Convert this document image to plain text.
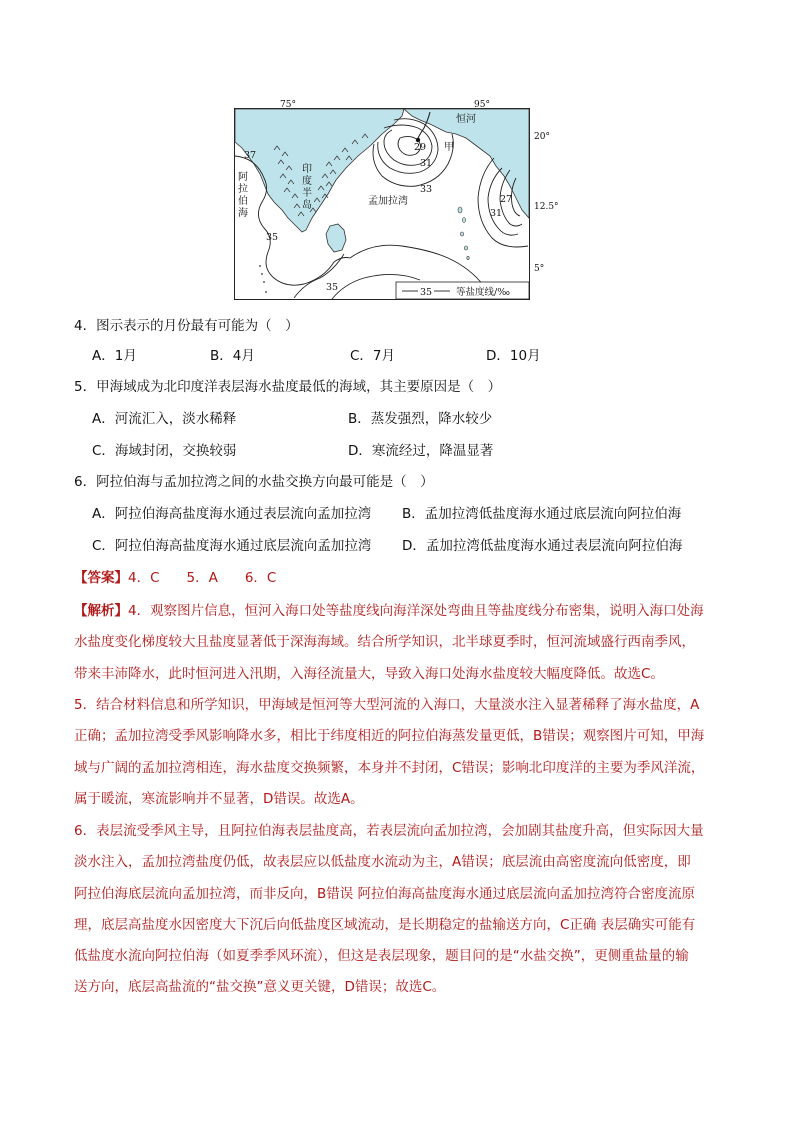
75°	95°
恒河
甲
孟加拉湾
印
度
半
岛
阿
拉
伯
海
37
29
31
33
27
31
35
35	35	等盐度线/‰
20°
12.5°
5°
4．图示表示的月份最有可能为（　）
A．1月	B．4月	C．7月	D．10月
5．甲海域成为北印度洋表层海水盐度最低的海域，其主要原因是（　）
A．河流汇入，淡水稀释	B．蒸发强烈，降水较少
C．海域封闭，交换较弱	D．寒流经过，降温显著
6．阿拉伯海与孟加拉湾之间的水盐交换方向最可能是（　）
A．阿拉伯海高盐度海水通过表层流向孟加拉湾 B．孟加拉湾低盐度海水通过底层流向阿拉伯海
C．阿拉伯海高盐度海水通过底层流向孟加拉湾 D．孟加拉湾低盐度海水通过表层流向阿拉伯海
【答案】4．C　　5．A　　6．C
【解析】4．观察图片信息，恒河入海口处等盐度线向海洋深处弯曲且等盐度线分布密集，说明入海口处海
水盐度变化梯度较大且盐度显著低于深海海域。结合所学知识，北半球夏季时，恒河流域盛行西南季风，
带来丰沛降水，此时恒河进入汛期，入海径流量大，导致入海口处海水盐度较大幅度降低。故选C。
5．结合材料信息和所学知识，甲海域是恒河等大型河流的入海口，大量淡水注入显著稀释了海水盐度，A
正确；孟加拉湾受季风影响降水多，相比于纬度相近的阿拉伯海蒸发量更低，B错误；观察图片可知，甲海
域与广阔的孟加拉湾相连，海水盐度交换频繁，本身并不封闭，C错误；影响北印度洋的主要为季风洋流，
属于暖流，寒流影响并不显著，D错误。故选A。
6．表层流受季风主导，且阿拉伯海表层盐度高，若表层流向孟加拉湾，会加剧其盐度升高，但实际因大量
淡水注入，孟加拉湾盐度仍低，故表层应以低盐度水流动为主，A错误；底层流由高密度流向低密度，即
阿拉伯海底层流向孟加拉湾，而非反向，B错误 阿拉伯海高盐度海水通过底层流向孟加拉湾符合密度流原
理，底层高盐度水因密度大下沉后向低盐度区域流动，是长期稳定的盐输送方向，C正确 表层确实可能有
低盐度水流向阿拉伯海（如夏季季风环流），但这是表层现象，题目问的是“水盐交换”，更侧重盐量的输
送方向，底层高盐流的“盐交换”意义更关键，D错误；故选C。
